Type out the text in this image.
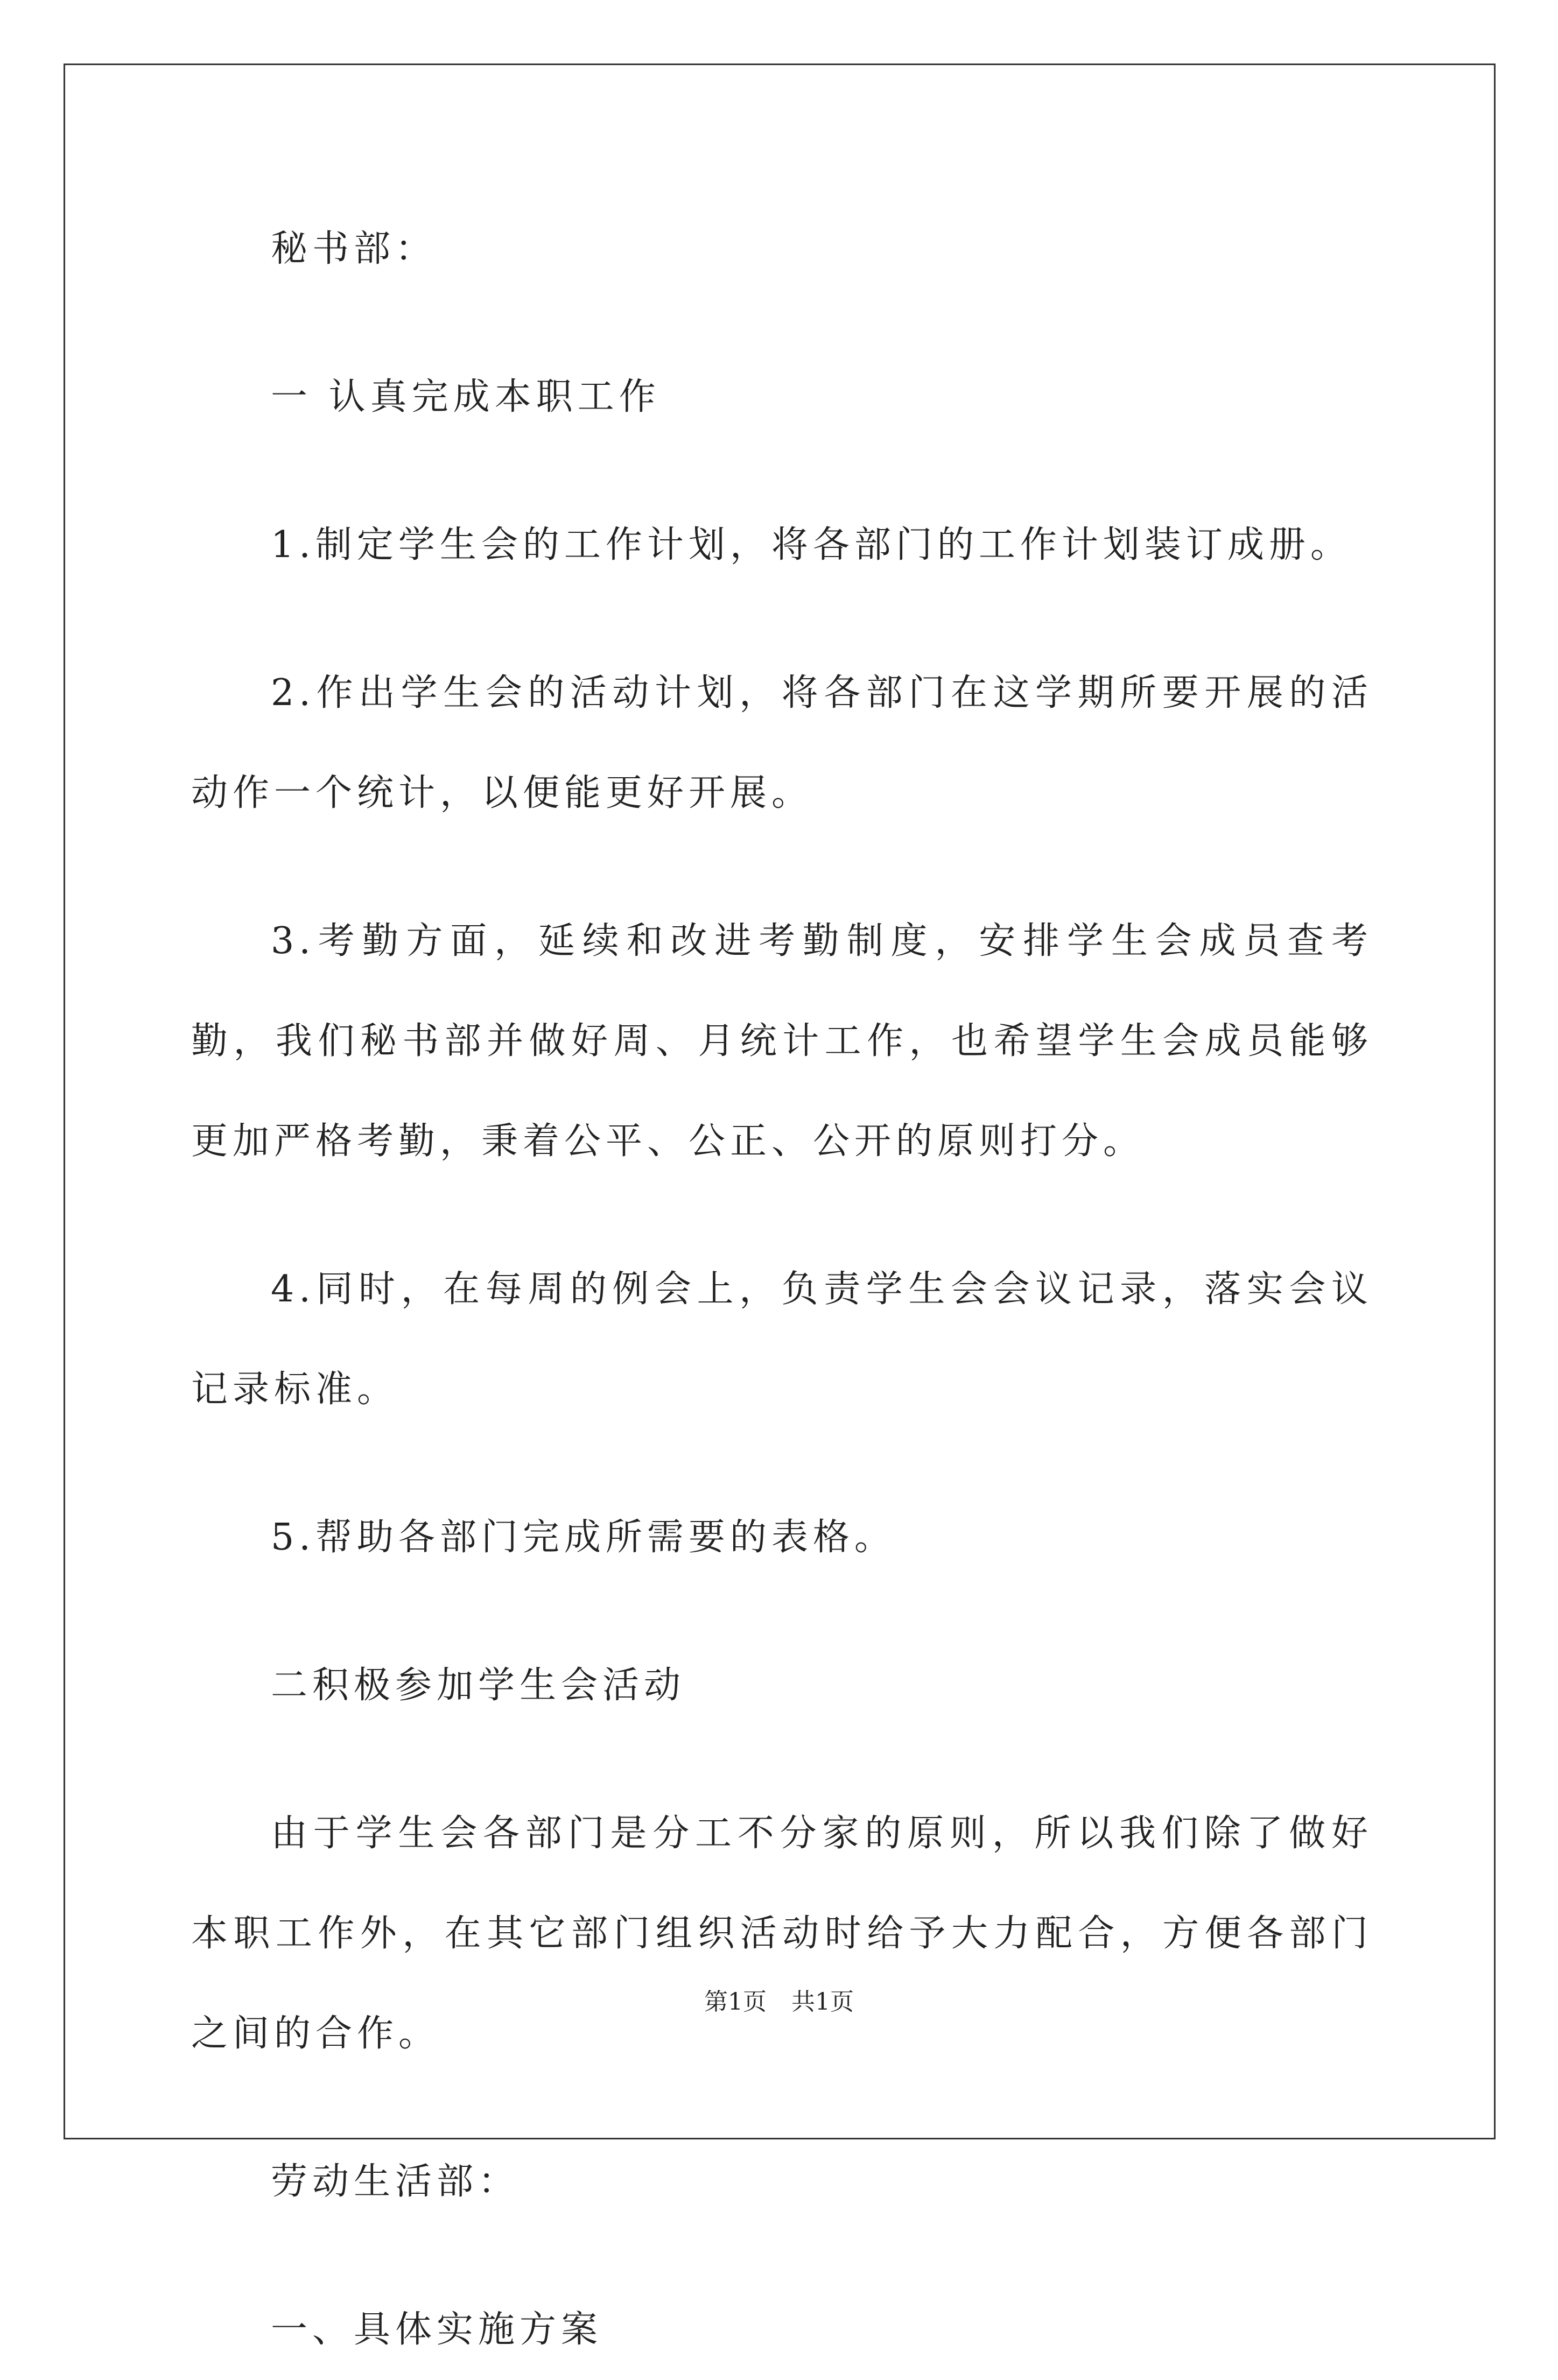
秘书部：

一 认真完成本职工作

1.制定学生会的工作计划，将各部门的工作计划装订成册。

2.作出学生会的活动计划，将各部门在这学期所要开展的活动作一个统计，以便能更好开展。

3.考勤方面，延续和改进考勤制度，安排学生会成员查考勤，我们秘书部并做好周、月统计工作，也希望学生会成员能够更加严格考勤，秉着公平、公正、公开的原则打分。

4.同时，在每周的例会上，负责学生会会议记录，落实会议记录标准。

5.帮助各部门完成所需要的表格。

二积极参加学生会活动

由于学生会各部门是分工不分家的原则，所以我们除了做好本职工作外，在其它部门组织活动时给予大力配合，方便各部门之间的合作。

劳动生活部：

一、具体实施方案

第1页 共1页
